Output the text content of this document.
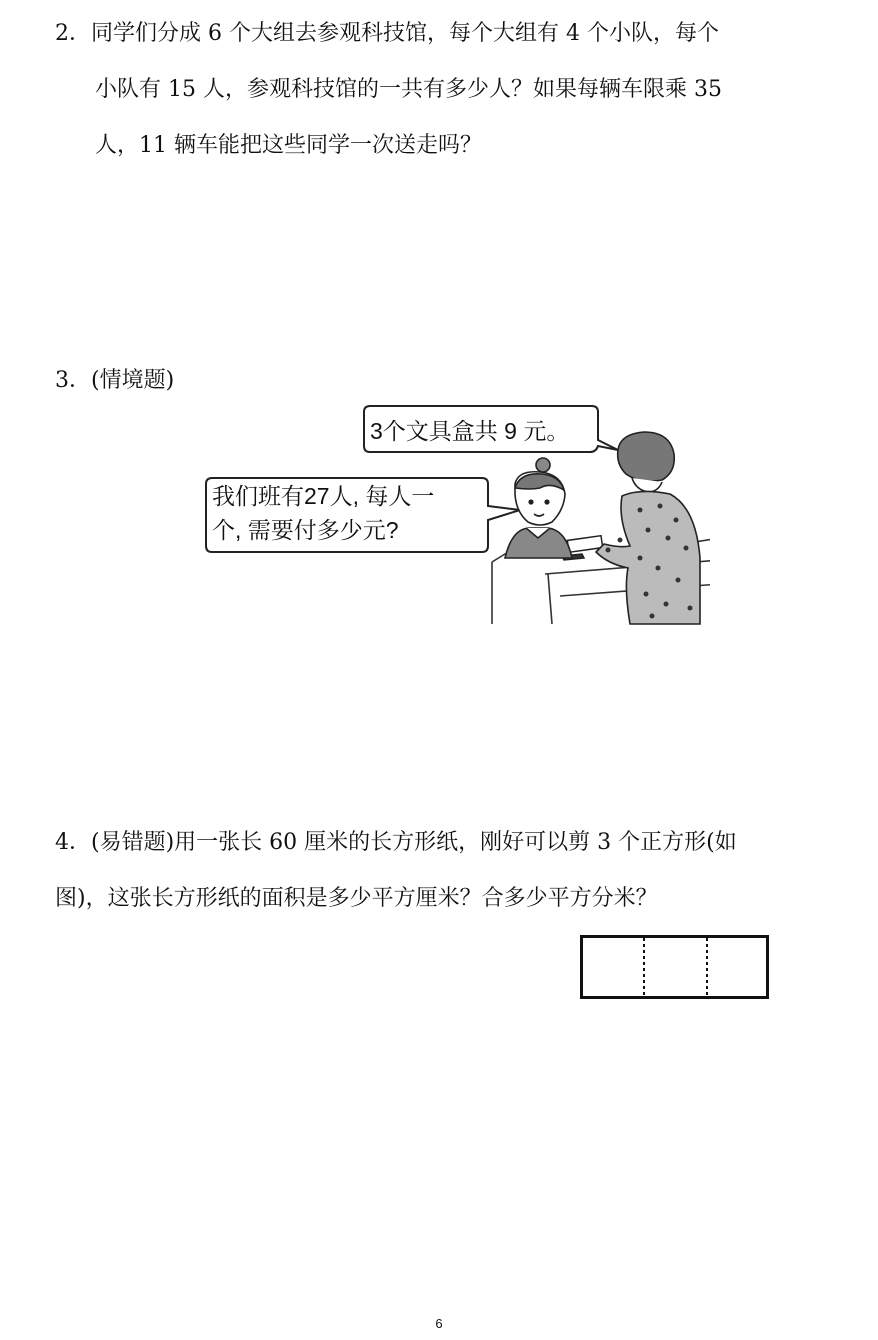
2．同学们分成 6 个大组去参观科技馆，每个大组有 4 个小队，每个
小队有 15 人，参观科技馆的一共有多少人？如果每辆车限乘 35
人，11 辆车能把这些同学一次送走吗？
3．(情境题)
3个文具盒共 9 元。
我们班有27人, 每人一
个, 需要付多少元?
4．(易错题)用一张长 60 厘米的长方形纸，刚好可以剪 3 个正方形(如
图)，这张长方形纸的面积是多少平方厘米？合多少平方分米？
6
